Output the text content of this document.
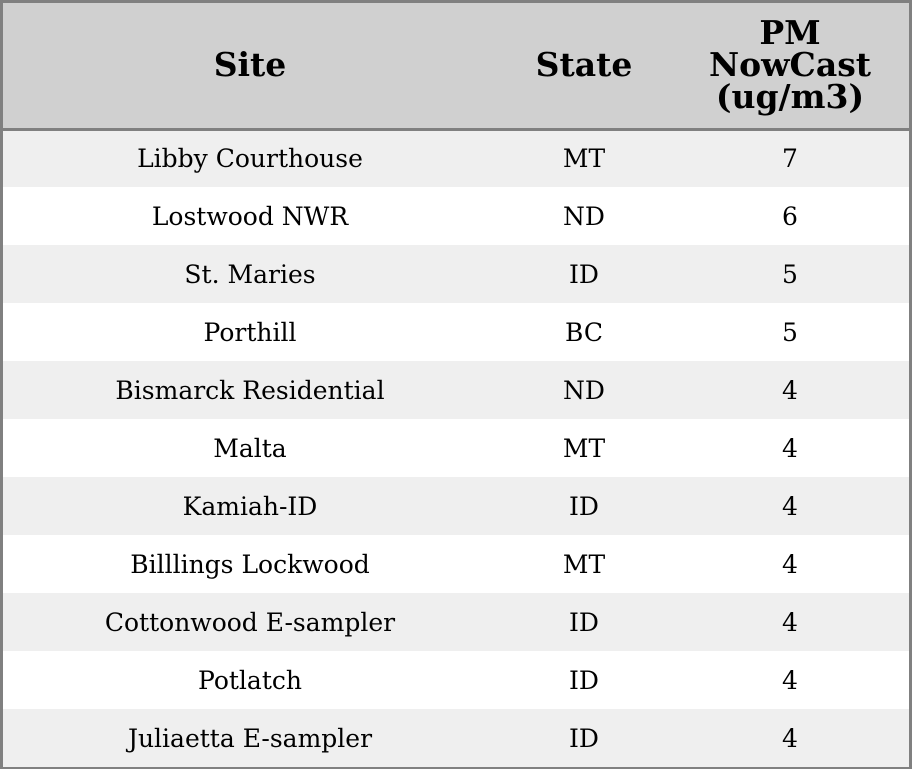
Site	State	PM
NowCast
(ug/m3)

Libby Courthouse	MT	7
Lostwood NWR	ND	6
St. Maries	ID	5
Porthill	BC	5
Bismarck Residential	ND	4
Malta	MT	4
Kamiah-ID	ID	4
Billlings Lockwood	MT	4
Cottonwood E-sampler	ID	4
Potlatch	ID	4
Juliaetta E-sampler	ID	4
